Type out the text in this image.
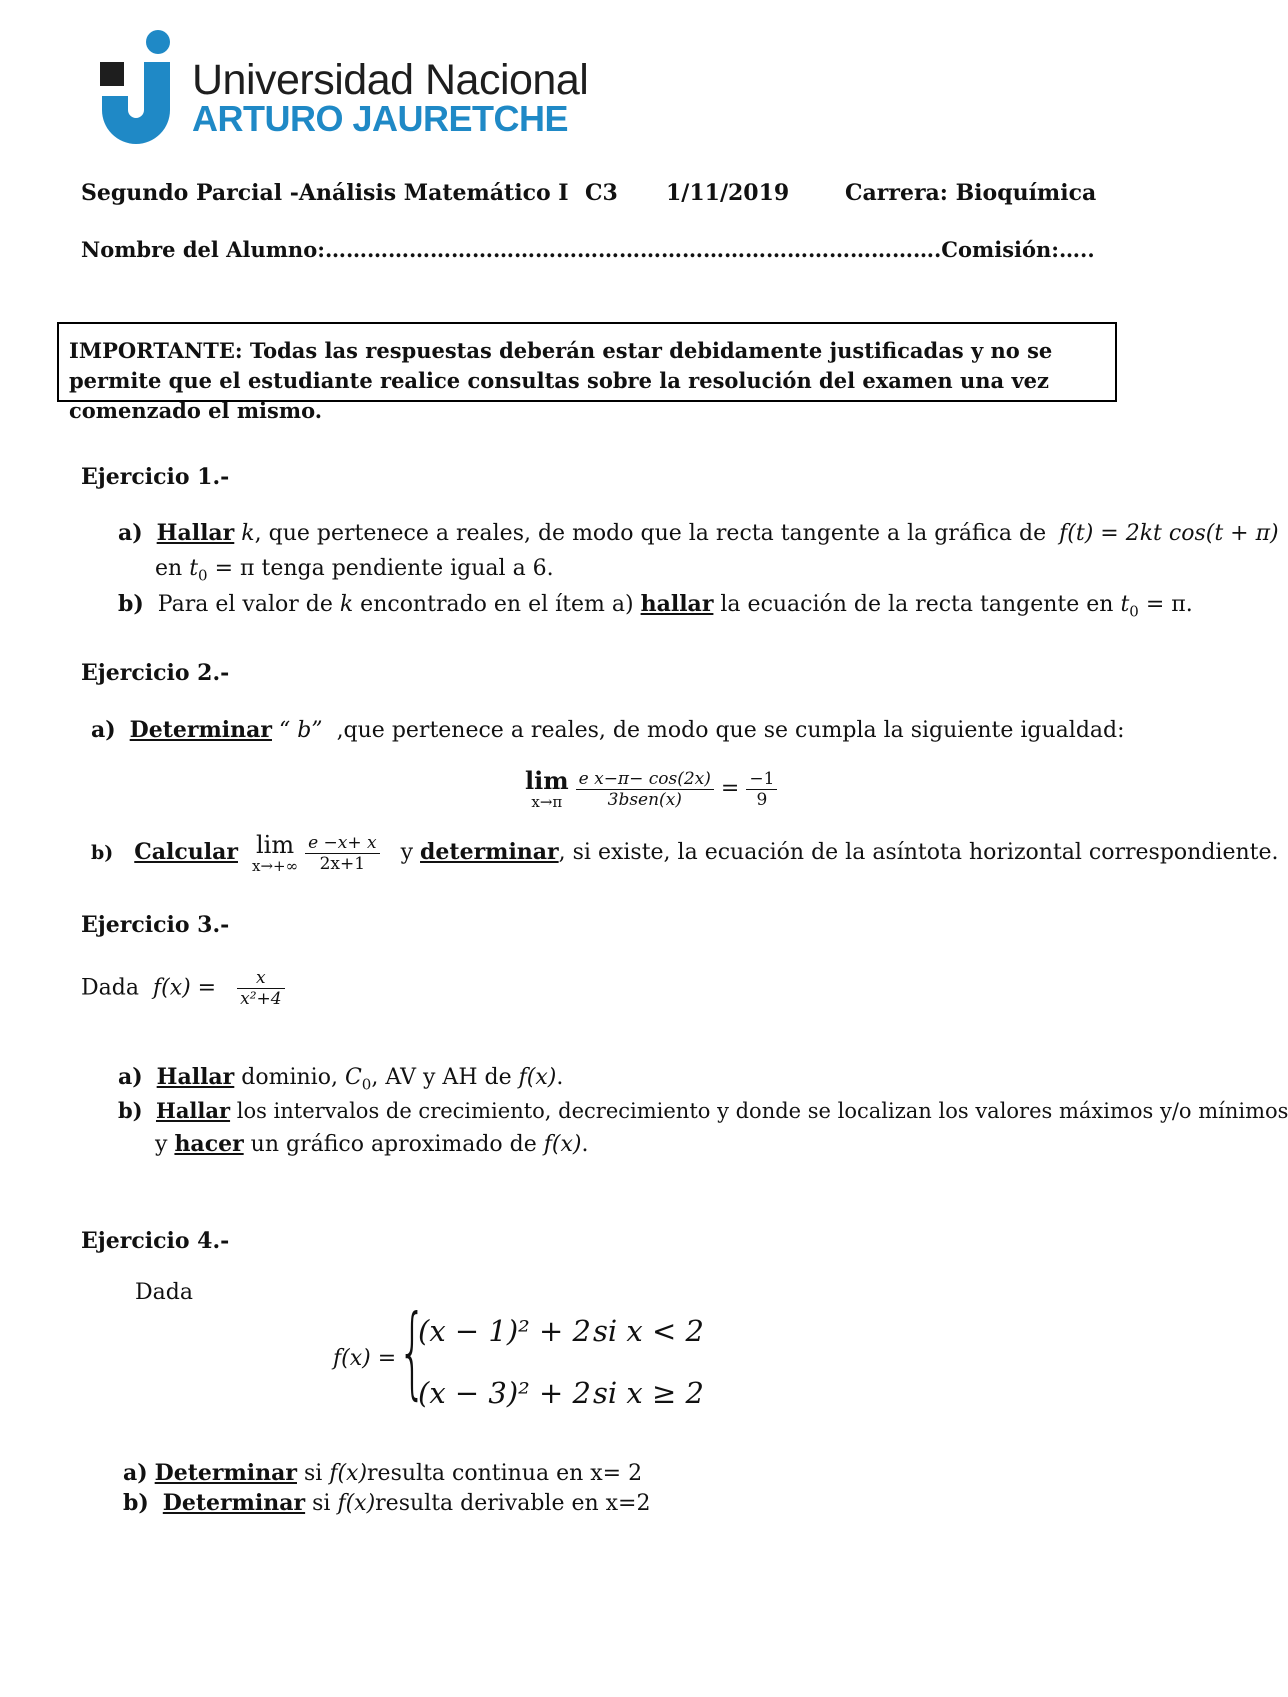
Universidad Nacional
ARTURO JAURETCHE
Segundo Parcial -Análisis Matemático I C3 1/11/2019	Carrera: Bioquímica
Nombre del Alumno:…………………………………………………………………………….Comisión:…..
IMPORTANTE: Todas las respuestas deberán estar debidamente justificadas y no se permite que el estudiante realice consultas sobre la resolución del examen una vez comenzado el mismo.
Ejercicio 1.-
a) Hallar k, que pertenece a reales, de modo que la recta tangente a la gráfica de f(t) = 2kt cos(t + π)
en $t_0 = \pi$ tenga pendiente igual a 6.
b) Para el valor de k encontrado en el ítem a) hallar la ecuación de la recta tangente en $t_0 = \pi$.
Ejercicio 2.-
a) Determinar “ b” ,que pertenece a reales, de modo que se cumpla la siguiente igualdad:
lim
x→π
$\frac{\text{e x−π− cos(2x)}}{\text{3bsen(x)}} = \frac{-1}{9}$
b) Calcular lim
x→+∞
$\frac{e -x+ x}{2x+1}$ y determinar, si existe, la ecuación de la asíntota horizontal correspondiente.
Ejercicio 3.-
Dada $f(x) = \frac{x}{\text{x²+4}}$
a) Hallar dominio, $C_0$, AV y AH de f(x).
b) Hallar los intervalos de crecimiento, decrecimiento y donde se localizan los valores máximos y/o mínimos
y hacer un gráfico aproximado de f(x).
Ejercicio 4.-
Dada
f(x) = {
(x − 1)² + 2 si x < 2
(x − 3)² + 2 si x ≥ 2
a) Determinar si f(x)resulta continua en x= 2
b) Determinar si f(x)resulta derivable en x=2
